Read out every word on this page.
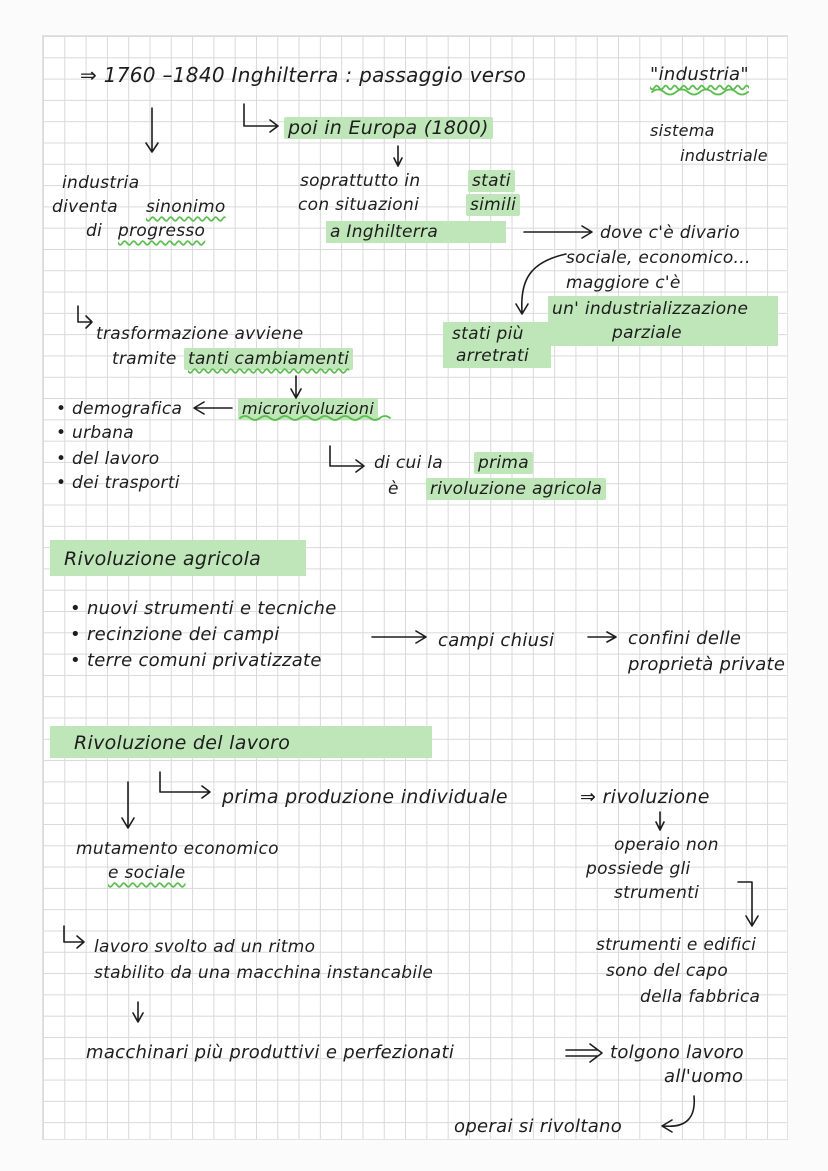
⇒ 1760 –1840 Inghilterra : passaggio verso	"industria"
sistema
industriale
poi in Europa (1800)
soprattutto in	stati
con situazioni	simili
a Inghilterra
industria
diventa sinonimo
di progresso	dove c'è divario
sociale, economico...
maggiore c'è
un' industrializzazione
parziale
stati più
arretrati
trasformazione avviene
tramite tanti cambiamenti
• demografica
• urbana
• del lavoro
• dei trasporti
microrivoluzioni
di cui la prima
è rivoluzione agricola
Rivoluzione agricola
• nuovi strumenti e tecniche
• recinzione dei campi
• terre comuni privatizzate
campi chiusi	confini delle
proprietà private
Rivoluzione del lavoro
prima produzione individuale	⇒ rivoluzione
mutamento economico
e sociale
operaio non
possiede gli
strumenti
strumenti e edifici
sono del capo
della fabbrica
lavoro svolto ad un ritmo
stabilito da una macchina instancabile
macchinari più produttivi e perfezionati	tolgono lavoro
all'uomo
operai si rivoltano
